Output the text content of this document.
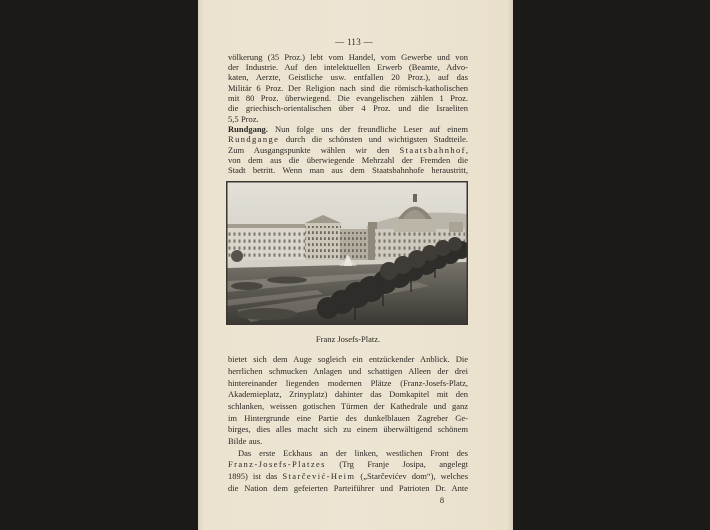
— 113 —
völkerung (35 Proz.) lebt vom Handel, vom Gewerbe und von
der Industrie. Auf den intelektuellen Erwerb (Beamte, Advo-
katen, Aerzte, Geistliche usw. entfallen 20 Proz.), auf das
Militär 6 Proz. Der Religion nach sind die römisch-katholischen
mit 80 Proz. überwiegend. Die evangelischen zählen 1 Proz.
die griechisch-orientalischen über 4 Proz. und die Israeliten
5,5 Proz.
Rundgang. Nun folge uns der freundliche Leser auf einem
Rundgange durch die schönsten und wichtigsten Stadtteile.
Zum Ausgangspunkte wählen wir den Staatsbahnhof,
von dem aus die überwiegende Mehrzahl der Fremden die
Stadt betritt. Wenn man aus dem Staatsbahnhofe heraustritt,
Franz Josefs-Platz.
bietet sich dem Auge sogleich ein entzückender Anblick. Die
herrlichen schmucken Anlagen und schattigen Alleen der drei
hintereinander liegenden modernen Plätze (Franz-Josefs-Platz,
Akademieplatz, Zrinyplatz) dahinter das Domkapitel mit den
schlanken, weissen gotischen Türmen der Kathedrale und ganz
im Hintergrunde eine Partie des dunkelblauen Zagreber Ge-
birges, dies alles macht sich zu einem überwältigend schönem
Bilde aus.
Das erste Eckhaus an der linken, westlichen Front des
Franz-Josefs-Platzes (Trg Franje Josipa, angelegt
1895) ist das Starčević-Heim („Starčevićev dom“), welches
die Nation dem gefeierten Parteiführer und Patrioten Dr. Ante
8
